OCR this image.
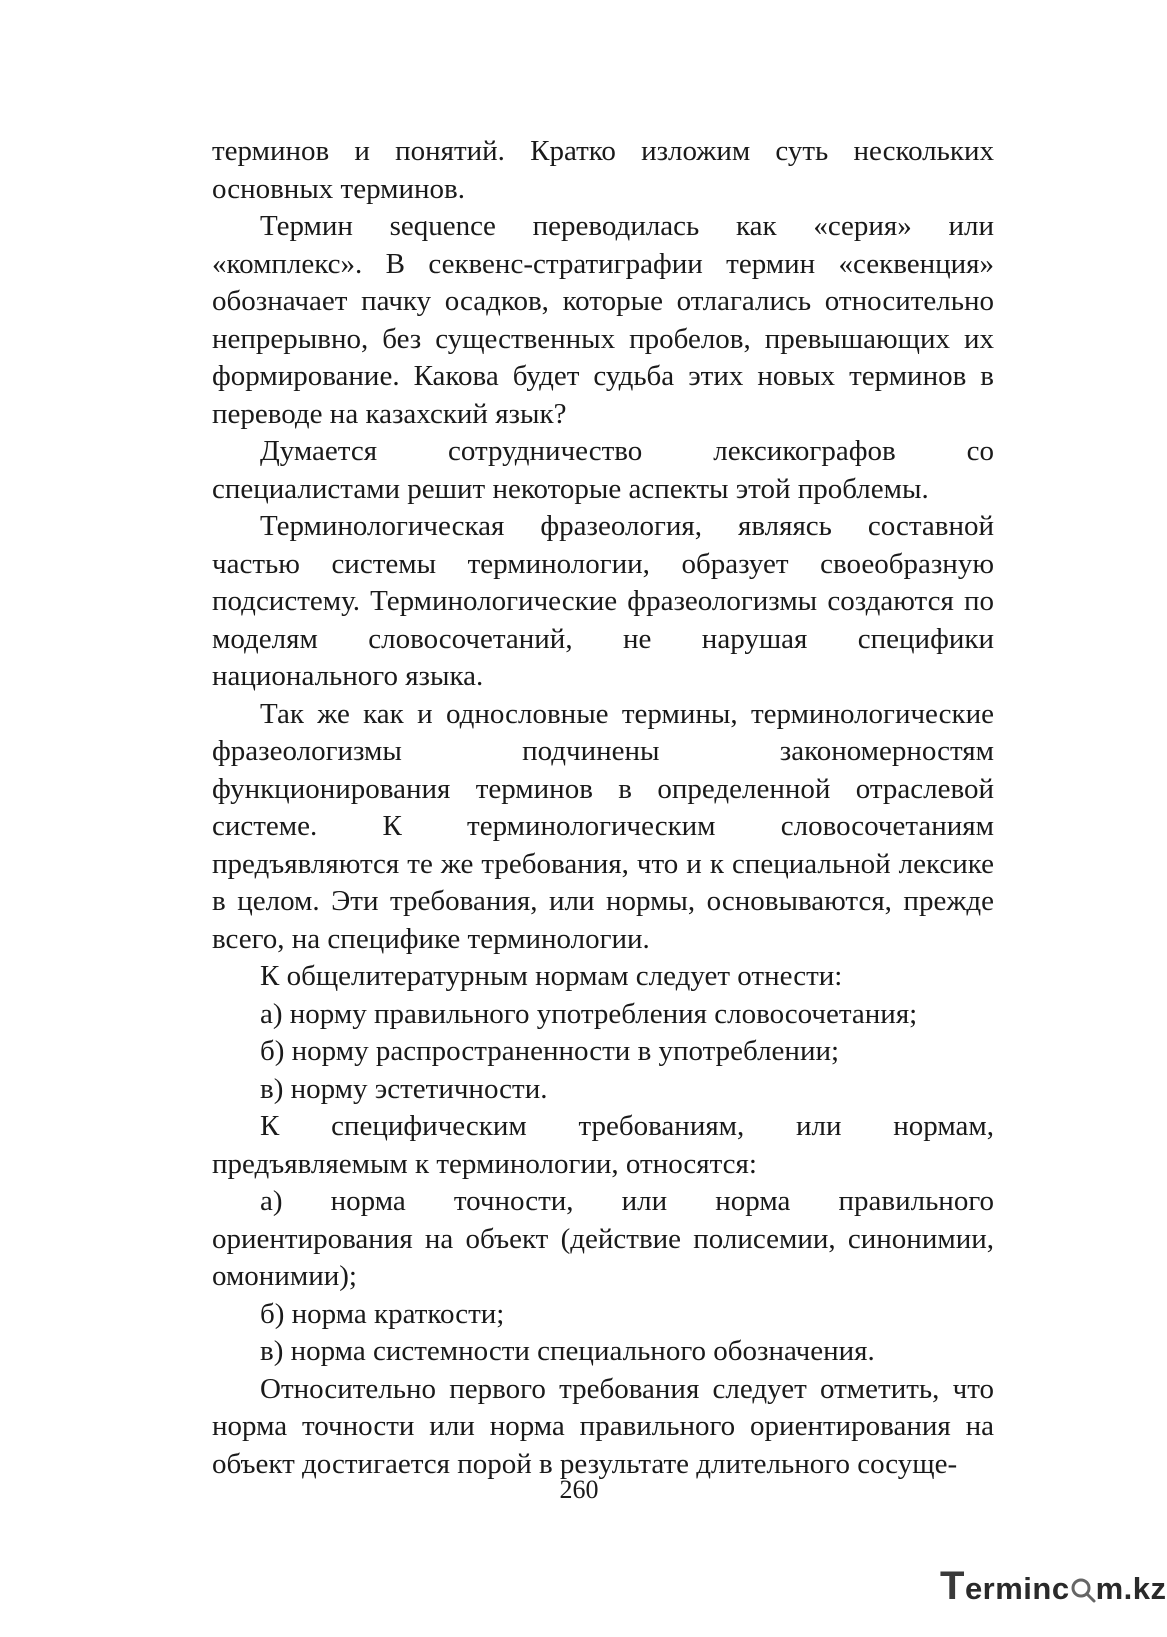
терминов и понятий. Кратко изложим суть нескольких основных терминов.

Термин sequence переводилась как «серия» или «комплекс». В секвенс-стратиграфии термин «секвенция» обозначает пачку осадков, которые отлагались относительно непрерывно, без существенных пробелов, превышающих их формирование. Какова будет судьба этих новых терминов в переводе на казахский язык?

Думается сотрудничество лексикографов со специалистами решит некоторые аспекты этой проблемы.

Терминологическая фразеология, являясь составной частью системы терминологии, образует своеобразную подсистему. Терминологические фразеологизмы создаются по моделям словосочетаний, не нарушая специфики национального языка.

Так же как и однословные термины, терминологические фразеологизмы подчинены закономерностям функционирования терминов в определенной отраслевой системе. К терминологическим словосочетаниям предъявляются те же требования, что и к специальной лексике в целом. Эти требования, или нормы, основываются, прежде всего, на специфике терминологии.

К общелитературным нормам следует отнести:

а) норму правильного употребления словосочетания;

б) норму распространенности в употреблении;

в) норму эстетичности.

К специфическим требованиям, или нормам, предъявляемым к терминологии, относятся:

а) норма точности, или норма правильного ориентирования на объект (действие полисемии, синонимии, омонимии);

б) норма краткости;

в) норма системности специального обозначения.

Относительно первого требования следует отметить, что норма точности или норма правильного ориентирования на объект достигается порой в результате длительного сосуще-

260
Terminc m.kz
